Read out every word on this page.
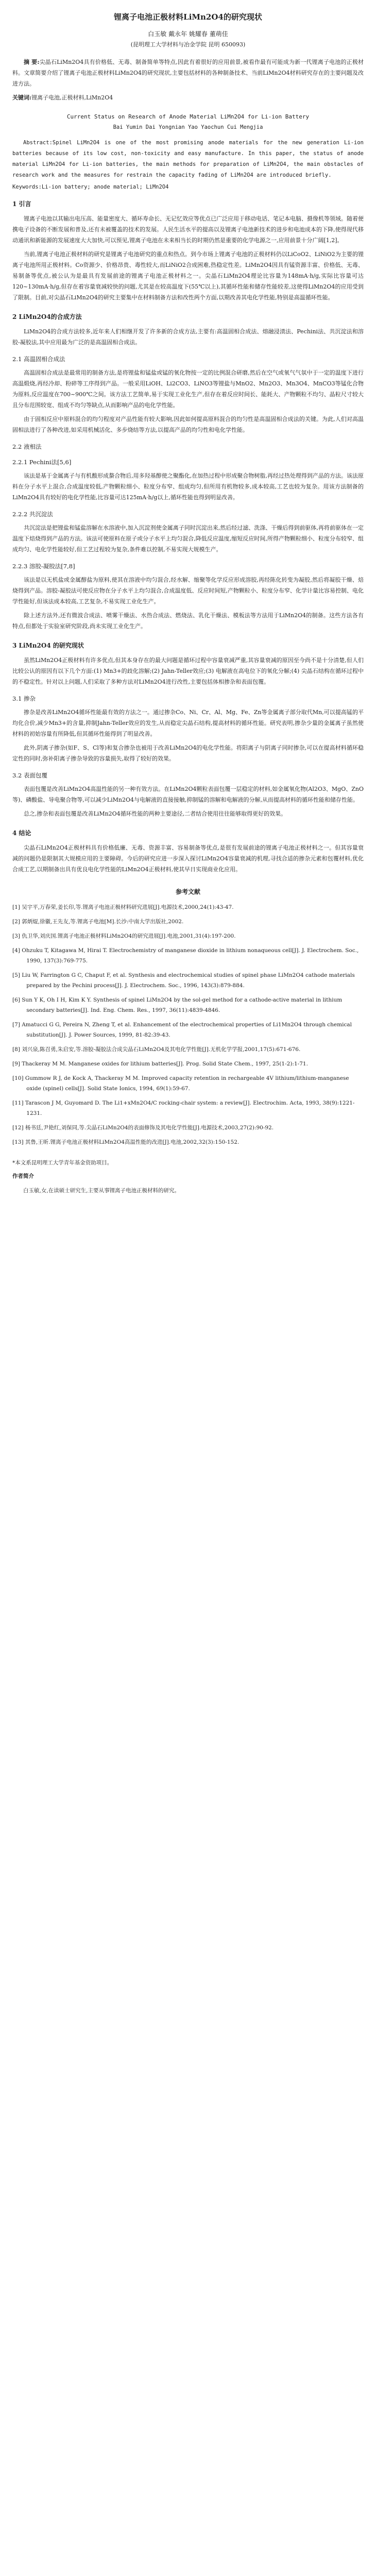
锂离子电池正极材料LiMn2O4的研究现状
白玉敏 戴永年 姚耀春 董萌佳
(昆明理工大学材料与冶金学院 昆明 650093)

摘 要:尖晶石LiMn2O4具有价格低、无毒、制备简单等特点,因此有着很好的应用前景,被看作最有可能成为新一代锂离子电池的正极材料。文章简要介绍了锂离子电池正极材料LiMn2O4的研究现状,主要包括材料的各种制备技术、当前LiMn2O4材料研究存在的主要问题及改进方法。

关键词:锂离子电池,正极材料,LiMn2O4

Current Status on Research of Anode Material LiMn2O4 for Li-ion Battery
Bai Yumin Dai Yongnian Yao Yaochun Cui Mengjia

Abstract:Spinel LiMn2O4 is one of the most promising anode materials for the new generation Li-ion batteries because of its low cost, non-toxicity and easy manufacture. In this paper, the status of anode material LiMn2O4 for Li-ion batteries, the main methods for preparation of LiMn2O4, the main obstacles of research work and the measures for restrain the capacity fading of LiMn2O4 are introduced briefly.

Keywords:Li-ion battery; anode material; LiMn2O4

1 引言

锂离子电池以其输出电压高、能量密度大、循环寿命长、无记忆效应等优点已广泛应用于移动电话、笔记本电脑、摄像机等领域。随着便携电子设备的不断发展和普及,还有未被覆盖的技术的发展。人民生活水平的提高以及锂离子电池新技术的进步和电池成本的下降,使得现代移动通讯和新能源的发展速度大大加快,可以预见,锂离子电池在未来相当长的时期仍然是重要的化学电源之一,应用前景十分广阔[1,2]。

当前,锂离子电池正极材料的研究是锂离子电池研究的重点和热点。到今市场上锂离子电池的正极材料仍以LiCoO2、LiNiO2为主要的锂离子电池所用正极材料。Co资源少、价格昂贵、毒性较大,而LiNiO2合成困难,热稳定性差。LiMn2O4因具有锰资源丰富、价格低、无毒、易制备等优点,被公认为是最具有发展前途的锂离子电池正极材料之一。尖晶石LiMn2O4理论比容量为148mA·h/g,实际比容量可达120~130mA·h/g,但存在着容量衰减较快的问题,尤其是在较高温度下(55℃以上),其循环性能和储存性能较差,这使得LiMn2O4的应用受到了限制。目前,对尖晶石LiMn2O4的研究主要集中在材料制备方法和改性两个方面,以期改善其电化学性能,特别是高温循环性能。

2 LiMn2O4的合成方法

LiMn2O4的合成方法较多,近年来人们相继开发了许多新的合成方法,主要有:高温固相合成法、熔融浸渍法、Pechini法、共沉淀法和溶胶-凝胶法,其中应用最为广泛的是高温固相合成法。

2.1 高温固相合成法

高温固相合成法是最常用的制备方法,是将锂盐和锰盐或锰的氧化物按一定的比例混合研磨,然后在空气或氧气气氛中于一定的温度下进行高温煅烧,再经冷却、粉碎等工序得到产品。一般采用LiOH、Li2CO3、LiNO3等锂盐与MnO2、Mn2O3、Mn3O4、MnCO3等锰化合物为原料,反应温度在700~900℃之间。该方法工艺简单,易于实现工业化生产,但存在着反应时间长、能耗大、产物颗粒不均匀、晶粒尺寸较大且分布范围较宽、组成不均匀等缺点,从而影响产品的电化学性能。

由于固相反应中原料混合的均匀程度对产品性能有较大影响,因此如何提高原料混合的均匀性是高温固相合成法的关键。为此,人们对高温固相法进行了各种改进,如采用机械活化、多步烧结等方法,以提高产品的均匀性和电化学性能。

2.2 液相法
2.2.1 Pechini法[5,6]

该法是基于金属离子与有机酸形成螯合物后,用多羟基醇使之聚酯化,在加热过程中形成聚合物树脂,再经过热处理得到产品的方法。该法原料在分子水平上混合,合成温度较低,产物颗粒细小、粒度分布窄、组成均匀,但所用有机物较多,成本较高,工艺也较为复杂。用该方法制备的LiMn2O4具有较好的电化学性能,比容量可达125mA·h/g以上,循环性能也得到明显改善。

2.2.2 共沉淀法

共沉淀法是把锂盐和锰盐溶解在水溶液中,加入沉淀剂使金属离子同时沉淀出来,然后经过滤、洗涤、干燥后得到前驱体,再将前驱体在一定温度下焙烧得到产品的方法。该法可使原料在原子或分子水平上均匀混合,降低反应温度,缩短反应时间,所得产物颗粒细小、粒度分布较窄、组成均匀、电化学性能较好,但工艺过程较为复杂,条件难以控制,不易实现大规模生产。

2.2.3 溶胶-凝胶法[7,8]

该法是以无机盐或金属醇盐为原料,使其在溶液中均匀混合,经水解、缩聚等化学反应形成溶胶,再经陈化转变为凝胶,然后将凝胶干燥、焙烧得到产品。溶胶-凝胶法可使反应物在分子水平上均匀混合,合成温度低、反应时间短,产物颗粒小、粒度分布窄、化学计量比容易控制、电化学性能好,但该法成本较高,工艺复杂,不易实现工业化生产。

除上述方法外,还有微波合成法、喷雾干燥法、水热合成法、燃烧法、乳化干燥法、模板法等方法用于LiMn2O4的制备。这些方法各有特点,但都处于实验室研究阶段,尚未实现工业化生产。

3 LiMn2O4 的研究现状

虽然LiMn2O4正极材料有许多优点,但其本身存在的最大问题是循环过程中容量衰减严重,其容量衰减的原因至今尚不是十分清楚,但人们比较公认的原因有以下几个方面:(1) Mn3+的歧化溶解;(2) Jahn-Teller效应;(3) 电解液在高电位下的氧化分解;(4) 尖晶石结构在循环过程中的不稳定性。针对以上问题,人们采取了多种方法对LiMn2O4进行改性,主要包括体相掺杂和表面包覆。

3.1 掺杂

掺杂是改善LiMn2O4循环性能最有效的方法之一。通过掺杂Co、Ni、Cr、Al、Mg、Fe、Zn等金属离子部分取代Mn,可以提高锰的平均化合价,减少Mn3+的含量,抑制Jahn-Teller效应的发生,从而稳定尖晶石结构,提高材料的循环性能。研究表明,掺杂少量的金属离子虽然使材料的初始容量有所降低,但其循环性能得到了明显改善。

此外,阴离子掺杂(如F、S、Cl等)和复合掺杂也被用于改善LiMn2O4的电化学性能。将阳离子与阴离子同时掺杂,可以在提高材料循环稳定性的同时,弥补阳离子掺杂导致的容量损失,取得了较好的效果。

3.2 表面包覆

表面包覆是改善LiMn2O4高温性能的另一种有效方法。在LiMn2O4颗粒表面包覆一层稳定的材料,如金属氧化物(Al2O3、MgO、ZnO等)、磷酸盐、导电聚合物等,可以减少LiMn2O4与电解液的直接接触,抑制锰的溶解和电解液的分解,从而提高材料的循环性能和储存性能。

总之,掺杂和表面包覆是改善LiMn2O4循环性能的两种主要途径,二者结合使用往往能够取得更好的效果。

4 结论

尖晶石LiMn2O4正极材料具有价格低廉、无毒、资源丰富、容易制备等优点,是很有发展前途的锂离子电池正极材料之一。但其容量衰减的问题仍是限制其大规模应用的主要障碍。今后的研究应进一步深入探讨LiMn2O4容量衰减的机理,寻找合适的掺杂元素和包覆材料,优化合成工艺,以期制备出具有优良电化学性能的LiMn2O4正极材料,使其早日实现商业化应用。

参考文献
[1] 吴宇平,万春荣,姜长印,等.锂离子电池正极材料研究进展[J].电源技术,2000,24(1):43-47.
[2] 郭炳焜,徐徽,王先友,等.锂离子电池[M].长沙:中南大学出版社,2002.
[3] 仇卫华,刘庆国.锂离子电池正极材料LiMn2O4的研究进展[J].电池,2001,31(4):197-200.
[4] Ohzuku T, Kitagawa M, Hirai T. Electrochemistry of manganese dioxide in lithium nonaqueous cell[J]. J. Electrochem. Soc., 1990, 137(3):769-775.
[5] Liu W, Farrington G C, Chaput F, et al. Synthesis and electrochemical studies of spinel phase LiMn2O4 cathode materials prepared by the Pechini process[J]. J. Electrochem. Soc., 1996, 143(3):879-884.
[6] Sun Y K, Oh I H, Kim K Y. Synthesis of spinel LiMn2O4 by the sol-gel method for a cathode-active material in lithium secondary batteries[J]. Ind. Eng. Chem. Res., 1997, 36(11):4839-4846.
[7] Amatucci G G, Pereira N, Zheng T, et al. Enhancement of the electrochemical properties of Li1Mn2O4 through chemical substitution[J]. J. Power Sources, 1999, 81-82:39-43.
[8] 刘兴泉,陈召勇,朱启安,等.溶胶-凝胶法合成尖晶石LiMn2O4及其电化学性能[J].无机化学学报,2001,17(5):671-676.
[9] Thackeray M M. Manganese oxides for lithium batteries[J]. Prog. Solid State Chem., 1997, 25(1-2):1-71.
[10] Gummow R J, de Kock A, Thackeray M M. Improved capacity retention in rechargeable 4V lithium/lithium-manganese oxide (spinel) cells[J]. Solid State Ionics, 1994, 69(1):59-67.
[11] Tarascon J M, Guyomard D. The Li1+xMn2O4/C rocking-chair system: a review[J]. Electrochim. Acta, 1993, 38(9):1221-1231.
[12] 杨书廷,尹艳红,刘保同,等.尖晶石LiMn2O4的表面修饰及其电化学性能[J].电源技术,2003,27(2):90-92.
[13] 其鲁,王昕.锂离子电池正极材料LiMn2O4高温性能的改进[J].电池,2002,32(3):150-152.
*本文系昆明理工大学青年基金资助项目。
作者简介
白玉敏,女,在读硕士研究生,主要从事锂离子电池正极材料的研究。
